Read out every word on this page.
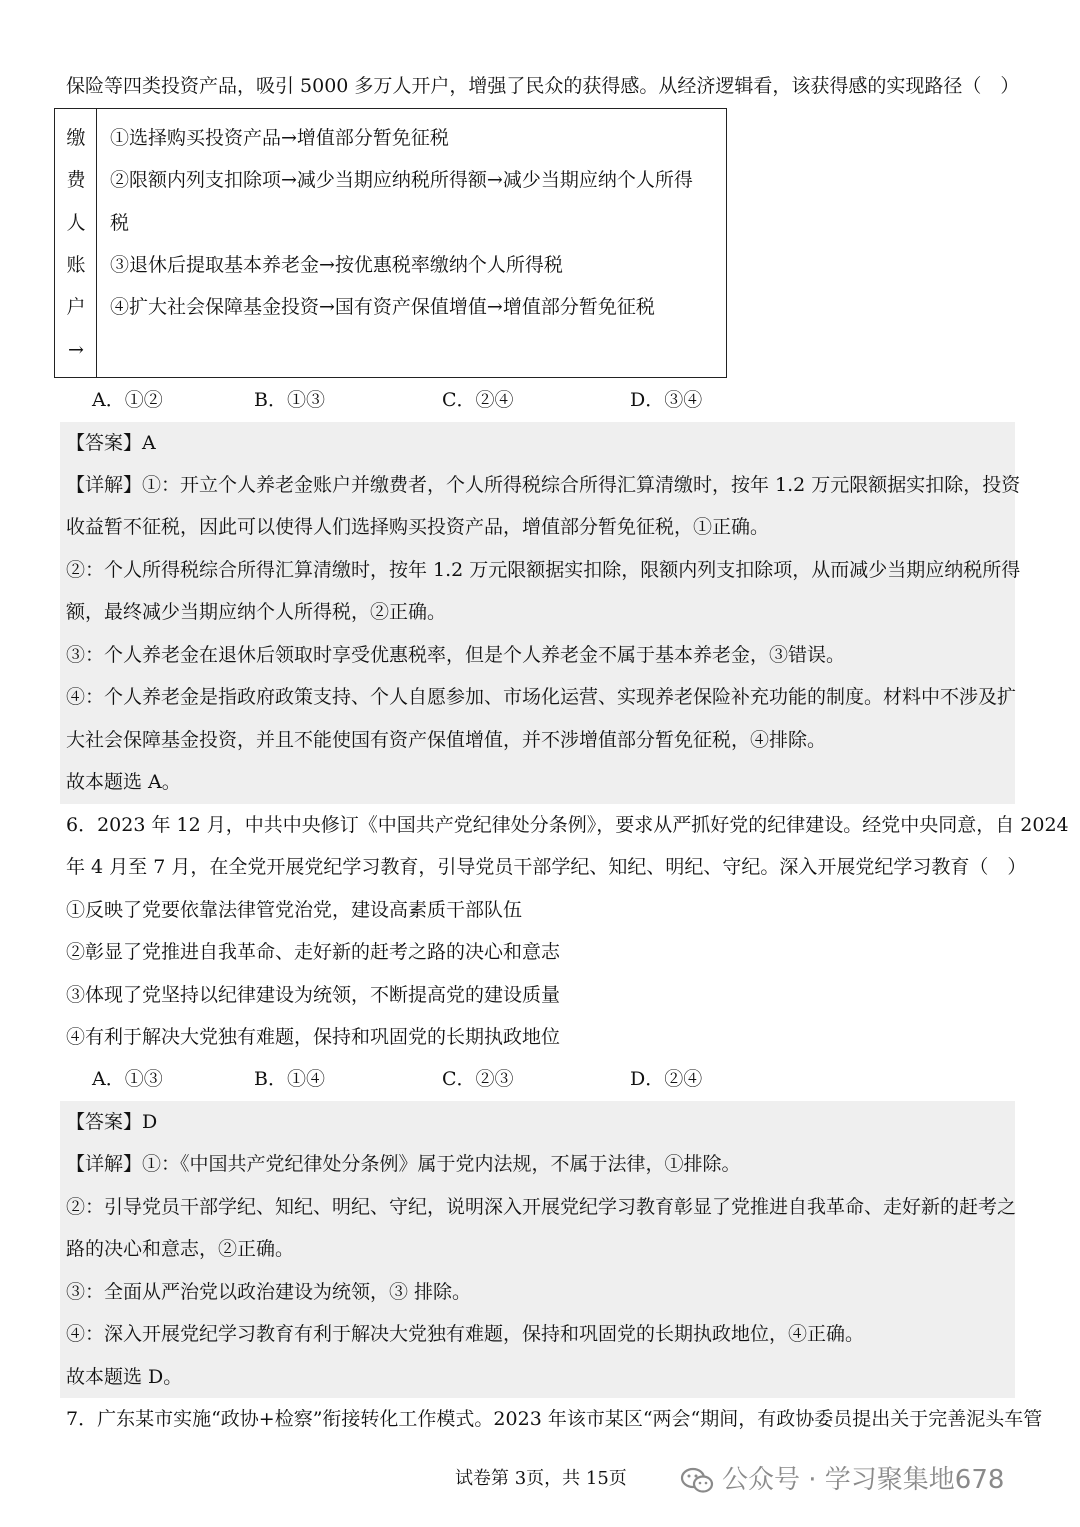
保险等四类投资产品，吸引 5000 多万人开户，增强了民众的获得感。从经济逻辑看，该获得感的实现路径（　）
缴
费
人
账
户
→
①选择购买投资产品→增值部分暂免征税
②限额内列支扣除项→减少当期应纳税所得额→减少当期应纳个人所得
税
③退休后提取基本养老金→按优惠税率缴纳个人所得税
④扩大社会保障基金投资→国有资产保值增值→增值部分暂免征税
A．①②	B．①③	C．②④	D．③④
【答案】A
【详解】①：开立个人养老金账户并缴费者，个人所得税综合所得汇算清缴时，按年 1.2 万元限额据实扣除，投资
收益暂不征税，因此可以使得人们选择购买投资产品，增值部分暂免征税，①正确。
②：个人所得税综合所得汇算清缴时，按年 1.2 万元限额据实扣除，限额内列支扣除项，从而减少当期应纳税所得
额，最终减少当期应纳个人所得税，②正确。
③：个人养老金在退休后领取时享受优惠税率，但是个人养老金不属于基本养老金，③错误。
④：个人养老金是指政府政策支持、个人自愿参加、市场化运营、实现养老保险补充功能的制度。材料中不涉及扩
大社会保障基金投资，并且不能使国有资产保值增值，并不涉增值部分暂免征税，④排除。
故本题选 A。
6．2023 年 12 月，中共中央修订《中国共产党纪律处分条例》，要求从严抓好党的纪律建设。经党中央同意，自 2024
年 4 月至 7 月，在全党开展党纪学习教育，引导党员干部学纪、知纪、明纪、守纪。深入开展党纪学习教育（　）
①反映了党要依靠法律管党治党，建设高素质干部队伍
②彰显了党推进自我革命、走好新的赶考之路的决心和意志
③体现了党坚持以纪律建设为统领，不断提高党的建设质量
④有利于解决大党独有难题，保持和巩固党的长期执政地位
A．①③	B．①④	C．②③	D．②④
【答案】D
【详解】①：《中国共产党纪律处分条例》属于党内法规，不属于法律，①排除。
②：引导党员干部学纪、知纪、明纪、守纪，说明深入开展党纪学习教育彰显了党推进自我革命、走好新的赶考之
路的决心和意志，②正确。
③：全面从严治党以政治建设为统领，③ 排除。
④：深入开展党纪学习教育有利于解决大党独有难题，保持和巩固党的长期执政地位，④正确。
故本题选 D。
7．广东某市实施“政协+检察”衔接转化工作模式。2023 年该市某区“两会“期间，有政协委员提出关于完善泥头车管
试卷第 3页，共 15页	公众号 · 学习聚集地678
